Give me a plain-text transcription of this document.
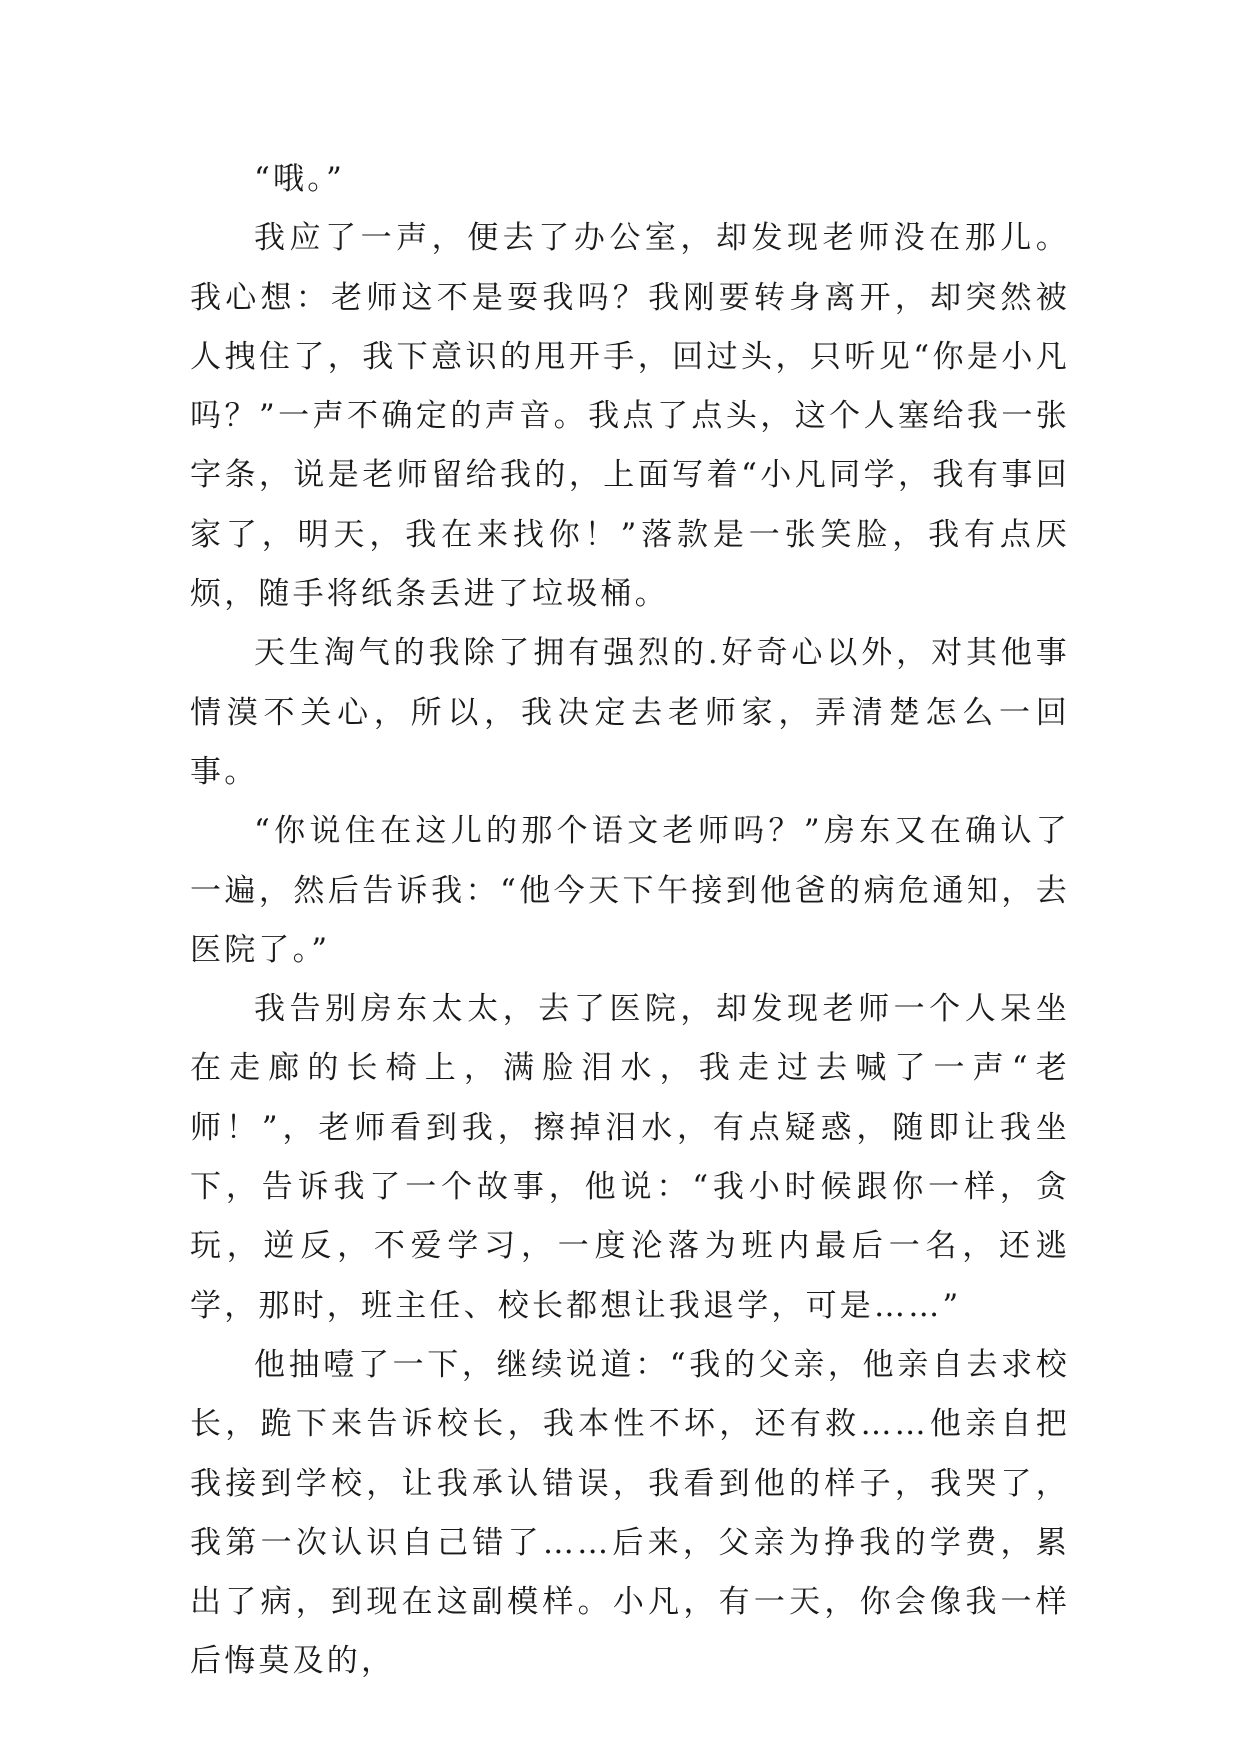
“哦。”

我应了一声，便去了办公室，却发现老师没在那儿。我心想：老师这不是耍我吗？我刚要转身离开，却突然被人拽住了，我下意识的甩开手，回过头，只听见“你是小凡吗？”一声不确定的声音。我点了点头，这个人塞给我一张字条，说是老师留给我的，上面写着“小凡同学，我有事回家了，明天，我在来找你！”落款是一张笑脸，我有点厌烦，随手将纸条丢进了垃圾桶。

天生淘气的我除了拥有强烈的.好奇心以外，对其他事情漠不关心，所以，我决定去老师家，弄清楚怎么一回事。

“你说住在这儿的那个语文老师吗？”房东又在确认了一遍，然后告诉我：“他今天下午接到他爸的病危通知，去医院了。”

我告别房东太太，去了医院，却发现老师一个人呆坐在走廊的长椅上，满脸泪水，我走过去喊了一声“老师！”，老师看到我，擦掉泪水，有点疑惑，随即让我坐下，告诉我了一个故事，他说：“我小时候跟你一样，贪玩，逆反，不爱学习，一度沦落为班内最后一名，还逃学，那时，班主任、校长都想让我退学，可是……”

他抽噎了一下，继续说道：“我的父亲，他亲自去求校长，跪下来告诉校长，我本性不坏，还有救……他亲自把我接到学校，让我承认错误，我看到他的样子，我哭了，我第一次认识自己错了……后来，父亲为挣我的学费，累出了病，到现在这副模样。小凡，有一天，你会像我一样后悔莫及的，
